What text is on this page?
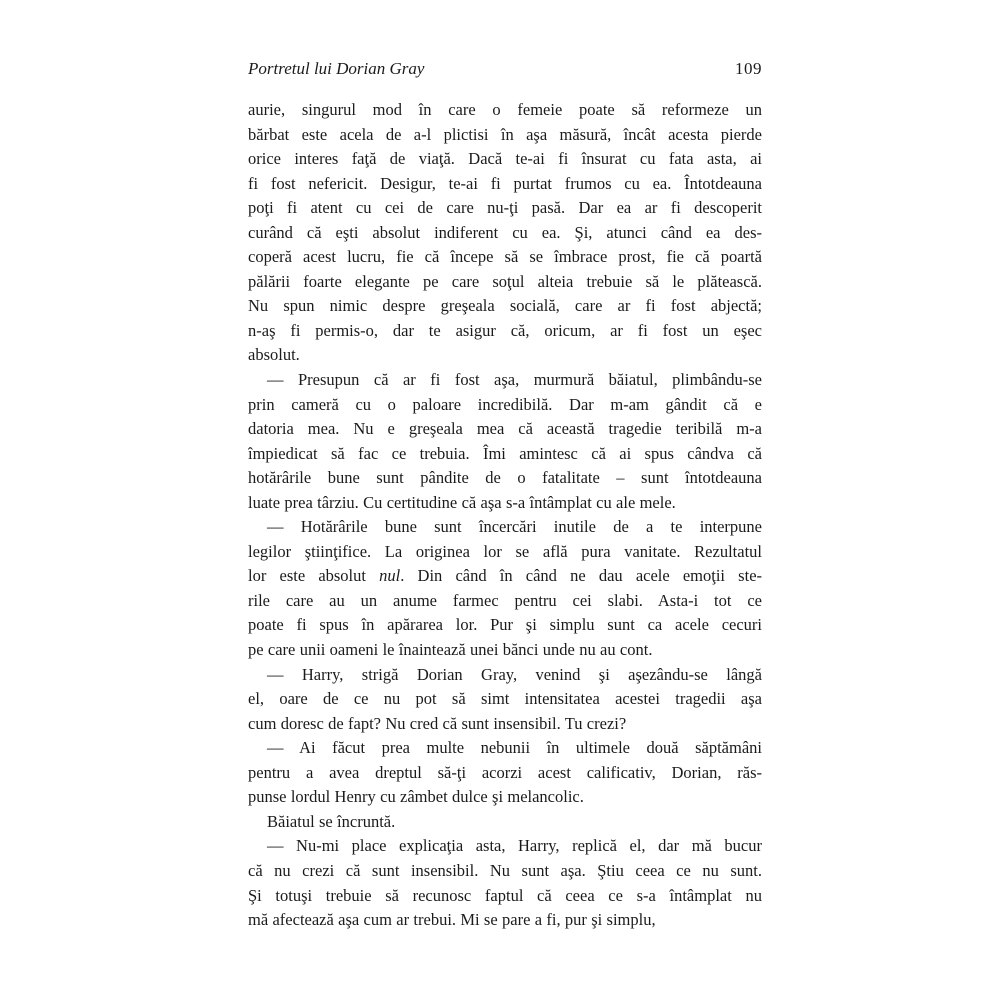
Portretul lui Dorian Gray	109
aurie, singurul mod în care o femeie poate să reformeze un
bărbat este acela de a-l plictisi în aşa măsură, încât acesta pierde
orice interes faţă de viaţă. Dacă te-ai fi însurat cu fata asta, ai
fi fost nefericit. Desigur, te-ai fi purtat frumos cu ea. Întotdeauna
poţi fi atent cu cei de care nu-ţi pasă. Dar ea ar fi descoperit
curând că eşti absolut indiferent cu ea. Şi, atunci când ea des-
coperă acest lucru, fie că începe să se îmbrace prost, fie că poartă
pălării foarte elegante pe care soţul alteia trebuie să le plătească.
Nu spun nimic despre greşeala socială, care ar fi fost abjectă;
n-aş fi permis-o, dar te asigur că, oricum, ar fi fost un eşec
absolut.
— Presupun că ar fi fost aşa, murmură băiatul, plimbându-se
prin cameră cu o paloare incredibilă. Dar m-am gândit că e
datoria mea. Nu e greşeala mea că această tragedie teribilă m-a
împiedicat să fac ce trebuia. Îmi amintesc că ai spus cândva că
hotărârile bune sunt pândite de o fatalitate – sunt întotdeauna
luate prea târziu. Cu certitudine că aşa s-a întâmplat cu ale mele.
— Hotărârile bune sunt încercări inutile de a te interpune
legilor ştiinţifice. La originea lor se află pura vanitate. Rezultatul
lor este absolut nul. Din când în când ne dau acele emoţii ste-
rile care au un anume farmec pentru cei slabi. Asta-i tot ce
poate fi spus în apărarea lor. Pur şi simplu sunt ca acele cecuri
pe care unii oameni le înaintează unei bănci unde nu au cont.
— Harry, strigă Dorian Gray, venind şi aşezându-se lângă
el, oare de ce nu pot să simt intensitatea acestei tragedii aşa
cum doresc de fapt? Nu cred că sunt insensibil. Tu crezi?
— Ai făcut prea multe nebunii în ultimele două săptămâni
pentru a avea dreptul să-ţi acorzi acest calificativ, Dorian, răs-
punse lordul Henry cu zâmbet dulce şi melancolic.
Băiatul se încruntă.
— Nu-mi place explicaţia asta, Harry, replică el, dar mă bucur
că nu crezi că sunt insensibil. Nu sunt aşa. Ştiu ceea ce nu sunt.
Şi totuşi trebuie să recunosc faptul că ceea ce s-a întâmplat nu
mă afectează aşa cum ar trebui. Mi se pare a fi, pur şi simplu,
